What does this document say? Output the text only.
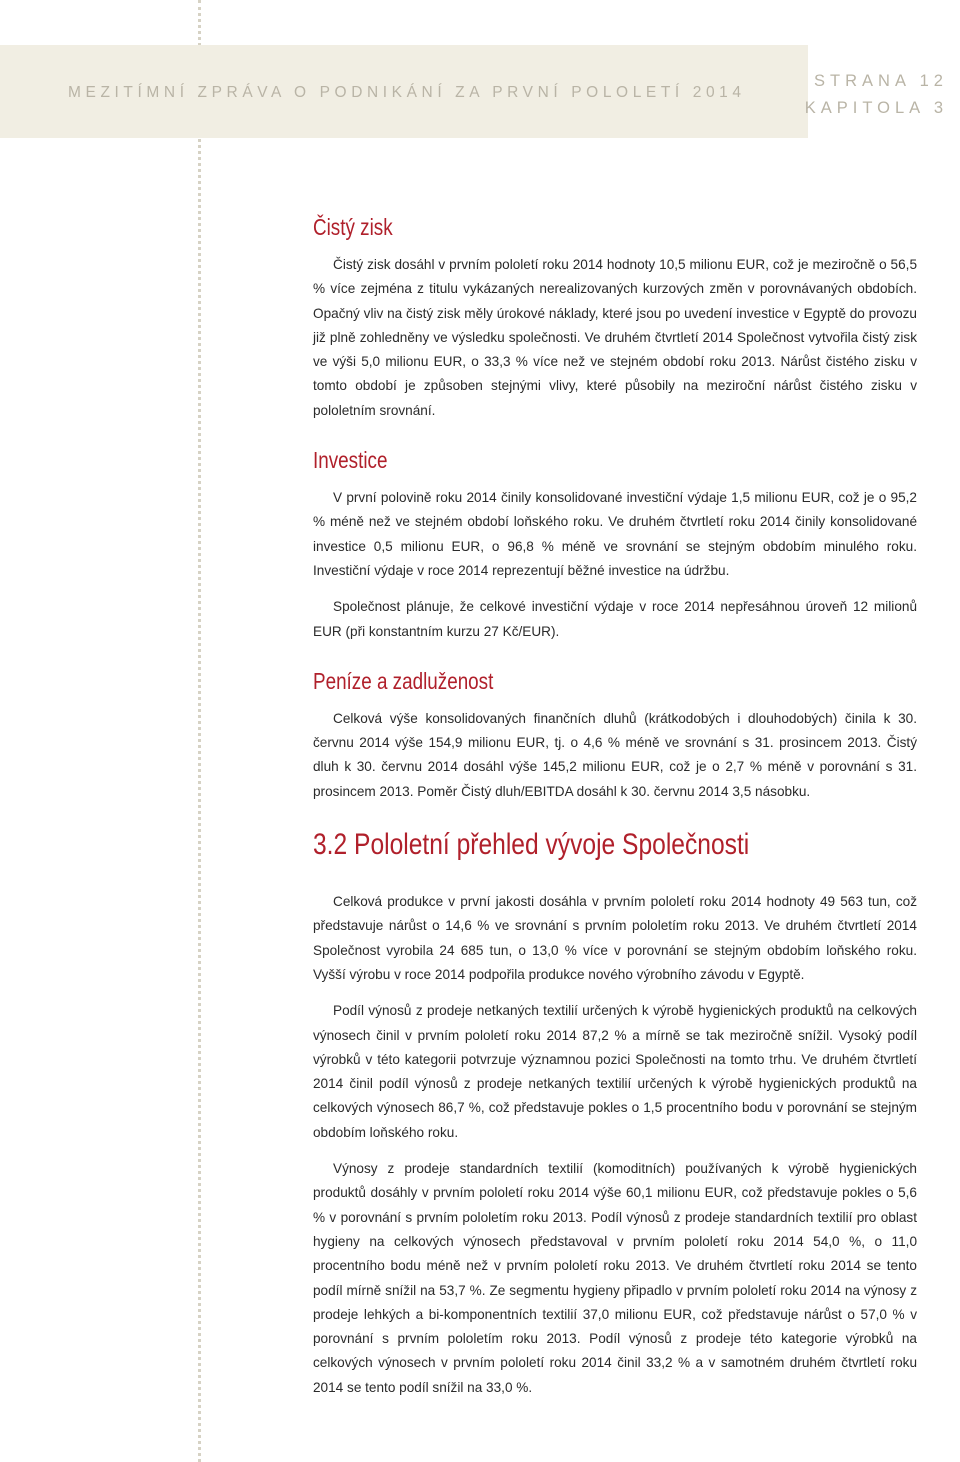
MEZITÍMNÍ ZPRÁVA O PODNIKÁNÍ ZA PRVNÍ POLOLETÍ 2014
STRANA 12
KAPITOLA 3
Čistý zisk

Čistý zisk dosáhl v prvním pololetí roku 2014 hodnoty 10,5 milionu EUR, což je meziročně o 56,5 % více zejména z titulu vykázaných nerealizovaných kurzových změn v porovnávaných obdobích. Opačný vliv na čistý zisk měly úrokové náklady, které jsou po uvedení investice v Egyptě do provozu již plně zohledněny ve výsledku společnosti. Ve druhém čtvrtletí 2014 Společnost vytvořila čistý zisk ve výši 5,0 milionu EUR, o 33,3 % více než ve stejném období roku 2013. Nárůst čistého zisku v tomto období je způsoben stejnými vlivy, které působily na meziroční nárůst čistého zisku v pololetním srovnání.

Investice

V první polovině roku 2014 činily konsolidované investiční výdaje 1,5 milionu EUR, což je o 95,2 % méně než ve stejném období loňského roku. Ve druhém čtvrtletí roku 2014 činily konsolidované investice 0,5 milionu EUR, o 96,8 % méně ve srovnání se stejným obdobím minulého roku. Investiční výdaje v roce 2014 reprezentují běžné investice na údržbu.

Společnost plánuje, že celkové investiční výdaje v roce 2014 nepřesáhnou úroveň 12 milionů EUR (při konstantním kurzu 27 Kč/EUR).

Peníze a zadluženost

Celková výše konsolidovaných finančních dluhů (krátkodobých i dlouhodobých) činila k 30. červnu 2014 výše 154,9 milionu EUR, tj. o 4,6 % méně ve srovnání s 31. prosincem 2013. Čistý dluh k 30. červnu 2014 dosáhl výše 145,2 milionu EUR, což je o 2,7 % méně v porovnání s 31. prosincem 2013. Poměr Čistý dluh/EBITDA dosáhl k 30. červnu 2014 3,5 násobku.

3.2 Pololetní přehled vývoje Společnosti

Celková produkce v první jakosti dosáhla v prvním pololetí roku 2014 hodnoty 49 563 tun, což představuje nárůst o 14,6 % ve srovnání s prvním pololetím roku 2013. Ve druhém čtvrtletí 2014 Společnost vyrobila 24 685 tun, o 13,0 % více v porovnání se stejným obdobím loňského roku. Vyšší výrobu v roce 2014 podpořila produkce nového výrobního závodu v Egyptě.

Podíl výnosů z prodeje netkaných textilií určených k výrobě hygienických produktů na celkových výnosech činil v prvním pololetí roku 2014 87,2 % a mírně se tak meziročně snížil. Vysoký podíl výrobků v této kategorii potvrzuje významnou pozici Společnosti na tomto trhu. Ve druhém čtvrtletí 2014 činil podíl výnosů z prodeje netkaných textilií určených k výrobě hygienických produktů na celkových výnosech 86,7 %, což představuje pokles o 1,5 procentního bodu v porovnání se stejným obdobím loňského roku.

Výnosy z prodeje standardních textilií (komoditních) používaných k výrobě hygienických produktů dosáhly v prvním pololetí roku 2014 výše 60,1 milionu EUR, což představuje pokles o 5,6 % v porovnání s prvním pololetím roku 2013. Podíl výnosů z prodeje standardních textilií pro oblast hygieny na celkových výnosech představoval v prvním pololetí roku 2014 54,0 %, o 11,0 procentního bodu méně než v prvním pololetí roku 2013. Ve druhém čtvrtletí roku 2014 se tento podíl mírně snížil na 53,7 %. Ze segmentu hygieny připadlo v prvním pololetí roku 2014 na výnosy z prodeje lehkých a bi-komponentních textilií 37,0 milionu EUR, což představuje nárůst o 57,0 % v porovnání s prvním pololetím roku 2013. Podíl výnosů z prodeje této kategorie výrobků na celkových výnosech v prvním pololetí roku 2014 činil 33,2 % a v samotném druhém čtvrtletí roku 2014 se tento podíl snížil na 33,0 %.
